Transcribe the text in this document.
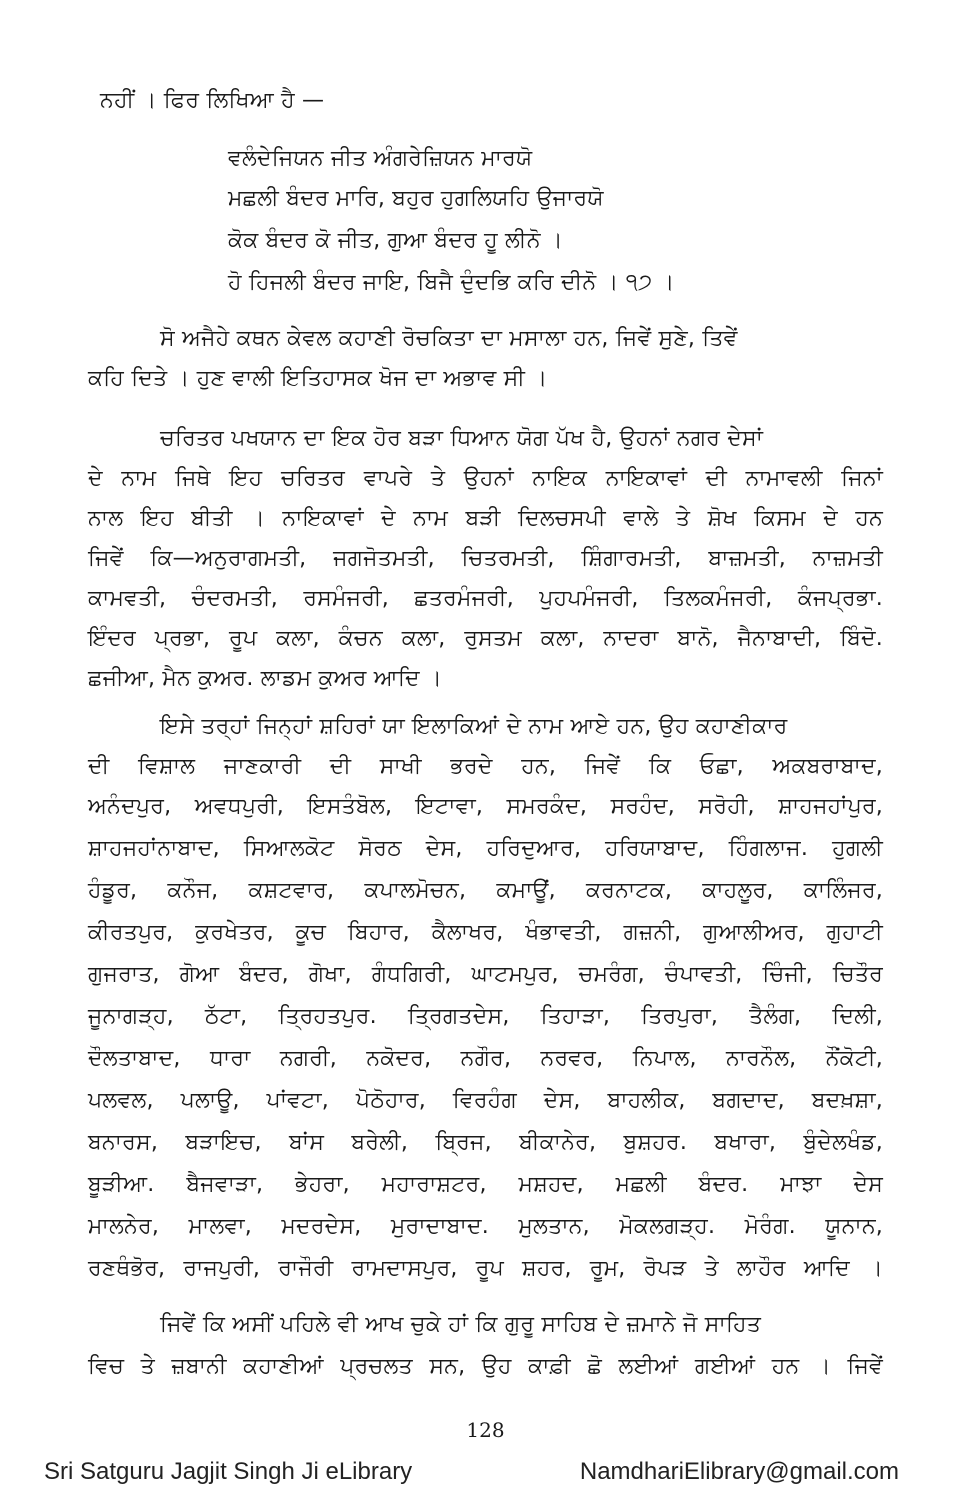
ਨਹੀਂ । ਫਿਰ ਲਿਖਿਆ ਹੈ —
ਵਲੰਦੇਜਿਯਨ ਜੀਤ ਅੰਗਰੇਜ਼ਿਯਨ ਮਾਰਯੋ
ਮਛਲੀ ਬੰਦਰ ਮਾਰਿ, ਬਹੁਰ ਹੁਗਲਿਯਹਿ ਉਜਾਰਯੋ
ਕੋਕ ਬੰਦਰ ਕੋ ਜੀਤ, ਗੁਆ ਬੰਦਰ ਹੂ ਲੀਨੋ ।
ਹੋ ਹਿਜਲੀ ਬੰਦਰ ਜਾਇ, ਬਿਜੈ ਦੁੰਦਭਿ ਕਰਿ ਦੀਨੋ । ੧੭ ।
ਸੋ ਅਜੈਹੇ ਕਥਨ ਕੇਵਲ ਕਹਾਣੀ ਰੋਚਕਿਤਾ ਦਾ ਮਸਾਲਾ ਹਨ, ਜਿਵੇਂ ਸੁਣੇ, ਤਿਵੇਂ
ਕਹਿ ਦਿਤੇ । ਹੁਣ ਵਾਲੀ ਇਤਿਹਾਸਕ ਖੋਜ ਦਾ ਅਭਾਵ ਸੀ ।
ਚਰਿਤਰ ਪਖਯਾਨ ਦਾ ਇਕ ਹੋਰ ਬੜਾ ਧਿਆਨ ਯੋਗ ਪੱਖ ਹੈ, ਉਹਨਾਂ ਨਗਰ ਦੇਸਾਂ
ਦੇ ਨਾਮ ਜਿਥੇ ਇਹ ਚਰਿਤਰ ਵਾਪਰੇ ਤੇ ਉਹਨਾਂ ਨਾਇਕ ਨਾਇਕਾਵਾਂ ਦੀ ਨਾਮਾਵਲੀ ਜਿਨਾਂ
ਨਾਲ ਇਹ ਬੀਤੀ । ਨਾਇਕਾਵਾਂ ਦੇ ਨਾਮ ਬੜੀ ਦਿਲਚਸਪੀ ਵਾਲੇ ਤੇ ਸ਼ੋਖ ਕਿਸਮ ਦੇ ਹਨ
ਜਿਵੇਂ ਕਿ—ਅਨੁਰਾਗਮਤੀ, ਜਗਜੋਤਮਤੀ, ਚਿਤਰਮਤੀ, ਸ਼ਿੰਗਾਰਮਤੀ, ਬਾਜ਼ਮਤੀ, ਨਾਜ਼ਮਤੀ
ਕਾਮਵਤੀ, ਚੰਦਰਮਤੀ, ਰਸਮੰਜਰੀ, ਛਤਰਮੰਜਰੀ, ਪੁਹਪਮੰਜਰੀ, ਤਿਲਕਮੰਜਰੀ, ਕੰਜਪ੍ਰਭਾ.
ਇੰਦਰ ਪ੍ਰਭਾ, ਰੂਪ ਕਲਾ, ਕੰਚਨ ਕਲਾ, ਰੁਸਤਮ ਕਲਾ, ਨਾਦਰਾ ਬਾਨੋ, ਜੈਨਾਬਾਦੀ, ਬਿੰਦੋ.
ਛਜੀਆ, ਮੈਨ ਕੁਅਰ. ਲਾਡਮ ਕੁਅਰ ਆਦਿ ।
ਇਸੇ ਤਰ੍ਹਾਂ ਜਿਨ੍ਹਾਂ ਸ਼ਹਿਰਾਂ ਯਾ ਇਲਾਕਿਆਂ ਦੇ ਨਾਮ ਆਏ ਹਨ, ਉਹ ਕਹਾਣੀਕਾਰ
ਦੀ ਵਿਸ਼ਾਲ ਜਾਣਕਾਰੀ ਦੀ ਸਾਖੀ ਭਰਦੇ ਹਨ, ਜਿਵੇਂ ਕਿ ਓਛਾ, ਅਕਬਰਾਬਾਦ,
ਅਨੰਦਪੁਰ, ਅਵਧਪੁਰੀ, ਇਸਤੰਬੋਲ, ਇਟਾਵਾ, ਸਮਰਕੰਦ, ਸਰਹੰਦ, ਸਰੋਹੀ, ਸ਼ਾਹਜਹਾਂਪੁਰ,
ਸ਼ਾਹਜਹਾਂਨਾਬਾਦ, ਸਿਆਲਕੋਟ ਸੋਰਠ ਦੇਸ, ਹਰਿਦੁਆਰ, ਹਰਿਯਾਬਾਦ, ਹਿੰਗਲਾਜ. ਹੁਗਲੀ
ਹੰਡੂਰ, ਕਨੌਜ, ਕਸ਼ਟਵਾਰ, ਕਪਾਲਮੋਚਨ, ਕਮਾਊਂ, ਕਰਨਾਟਕ, ਕਾਹਲੂਰ, ਕਾਲਿੰਜਰ,
ਕੀਰਤਪੁਰ, ਕੁਰਖੇਤਰ, ਕੂਚ ਬਿਹਾਰ, ਕੈਲਾਖਰ, ਖੰਭਾਵਤੀ, ਗਜ਼ਨੀ, ਗੁਆਲੀਅਰ, ਗੁਹਾਟੀ
ਗੁਜਰਾਤ, ਗੋਆ ਬੰਦਰ, ਗੋਖਾ, ਗੰਧਗਿਰੀ, ਘਾਟਮਪੁਰ, ਚਮਰੰਗ, ਚੰਪਾਵਤੀ, ਚਿੰਜੀ, ਚਿਤੌਰ
ਜੂਨਾਗੜ੍ਹ, ਠੱਟਾ, ਤ੍ਰਿਹਤਪੁਰ. ਤ੍ਰਿਗਤਦੇਸ, ਤਿਹਾੜਾ, ਤਿਰਪੁਰਾ, ਤੈਲੰਗ, ਦਿਲੀ,
ਦੌਲਤਾਬਾਦ, ਧਾਰਾ ਨਗਰੀ, ਨਕੋਦਰ, ਨਗੌਰ, ਨਰਵਰ, ਨਿਪਾਲ, ਨਾਰਨੌਲ, ਨੌਂਕੋਟੀ,
ਪਲਵਲ, ਪਲਾਊ, ਪਾਂਵਟਾ, ਪੋਠੋਹਾਰ, ਵਿਰਹੰਗ ਦੇਸ, ਬਾਹਲੀਕ, ਬਗਦਾਦ, ਬਦਖ਼ਸ਼ਾ,
ਬਨਾਰਸ, ਬੜਾਇਚ, ਬਾਂਸ ਬਰੇਲੀ, ਬ੍ਰਿਜ, ਬੀਕਾਨੇਰ, ਬੁਸ਼ਹਰ. ਬਖਾਰਾ, ਬੁੰਦੇਲਖੰਡ,
ਬੂੜੀਆ. ਬੈਜਵਾੜਾ, ਭੇਹਰਾ, ਮਹਾਰਾਸ਼ਟਰ, ਮਸ਼ਹਦ, ਮਛਲੀ ਬੰਦਰ. ਮਾਝਾ ਦੇਸ
ਮਾਲਨੇਰ, ਮਾਲਵਾ, ਮਦਰਦੇਸ, ਮੁਰਾਦਾਬਾਦ. ਮੁਲਤਾਨ, ਮੋਕਲਗੜ੍ਹ. ਮੋਰੰਗ. ਯੂਨਾਨ,
ਰਣਥੰਭੋਰ, ਰਾਜਪੁਰੀ, ਰਾਜੌਰੀ ਰਾਮਦਾਸਪੁਰ, ਰੂਪ ਸ਼ਹਰ, ਰੂਮ, ਰੋਪੜ ਤੇ ਲਾਹੌਰ ਆਦਿ ।
ਜਿਵੇਂ ਕਿ ਅਸੀਂ ਪਹਿਲੇ ਵੀ ਆਖ ਚੁਕੇ ਹਾਂ ਕਿ ਗੁਰੂ ਸਾਹਿਬ ਦੇ ਜ਼ਮਾਨੇ ਜੋ ਸਾਹਿਤ
ਵਿਚ ਤੇ ਜ਼ਬਾਨੀ ਕਹਾਣੀਆਂ ਪ੍ਰਚਲਤ ਸਨ, ਉਹ ਕਾਫ਼ੀ ਛੋ ਲਈਆਂ ਗਈਆਂ ਹਨ । ਜਿਵੇਂ
128
Sri Satguru Jagjit Singh Ji eLibrary	NamdhariElibrary@gmail.com
